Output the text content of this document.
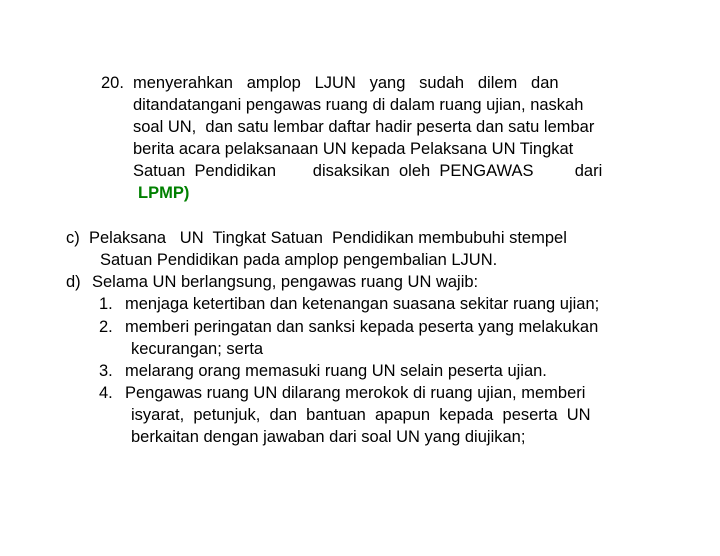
20. menyerahkan   amplop   LJUN   yang   sudah   dilem   dan
ditandatangani pengawas ruang di dalam ruang ujian, naskah
soal UN,  dan satu lembar daftar hadir peserta dan satu lembar
berita acara pelaksanaan UN kepada Pelaksana UN Tingkat
Satuan  Pendidikan        disaksikan  oleh  PENGAWAS         dari
LPMP)
c) Pelaksana   UN  Tingkat Satuan  Pendidikan membubuhi stempel
Satuan Pendidikan pada amplop pengembalian LJUN.
d) Selama UN berlangsung, pengawas ruang UN wajib:
1. menjaga ketertiban dan ketenangan suasana sekitar ruang ujian;
2. memberi peringatan dan sanksi kepada peserta yang melakukan
kecurangan; serta
3. melarang orang memasuki ruang UN selain peserta ujian.
4. Pengawas ruang UN dilarang merokok di ruang ujian, memberi
isyarat,  petunjuk,  dan  bantuan  apapun  kepada  peserta  UN
berkaitan dengan jawaban dari soal UN yang diujikan;
